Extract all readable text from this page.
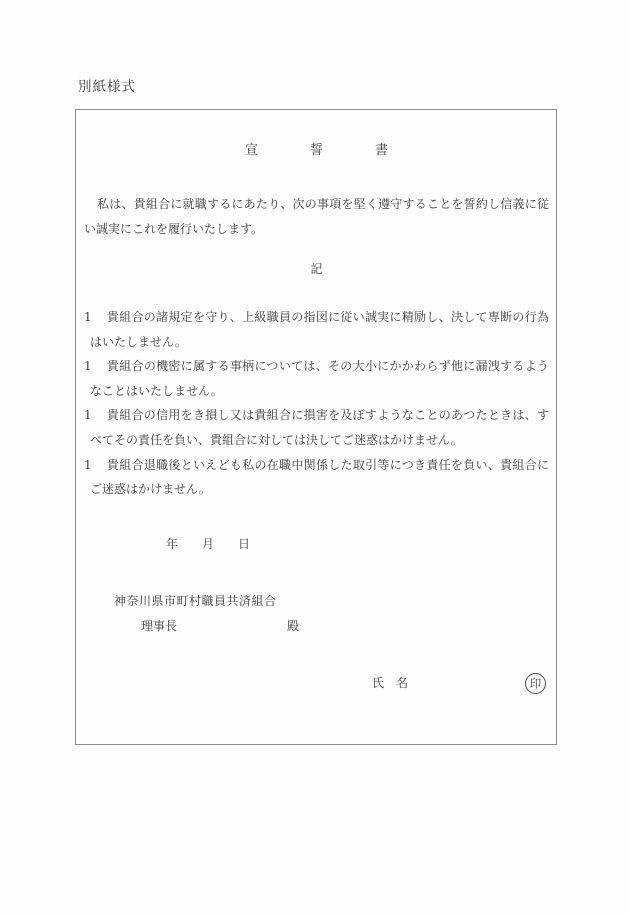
別紙様式
宣　　　　誓　　　　書

私は、貴組合に就職するにあたり、次の事項を堅く遵守することを誓約し信義に従い誠実にこれを履行いたします。

記

1 貴組合の諸規定を守り、上級職員の指図に従い誠実に精励し、決して専断の行為はいたしません。

1 貴組合の機密に属する事柄については、その大小にかかわらず他に漏洩するようなことはいたしません。

1 貴組合の信用をき損し又は貴組合に損害を及ぼすようなことのあつたときは、すべてその責任を負い、貴組合に対しては決してご迷惑はかけません。

1 貴組合退職後といえども私の在職中関係した取引等につき責任を負い、貴組合にご迷惑はかけません。

年　　月　　日
神奈川県市町村職員共済組合
理事長	殿
氏　名	印
